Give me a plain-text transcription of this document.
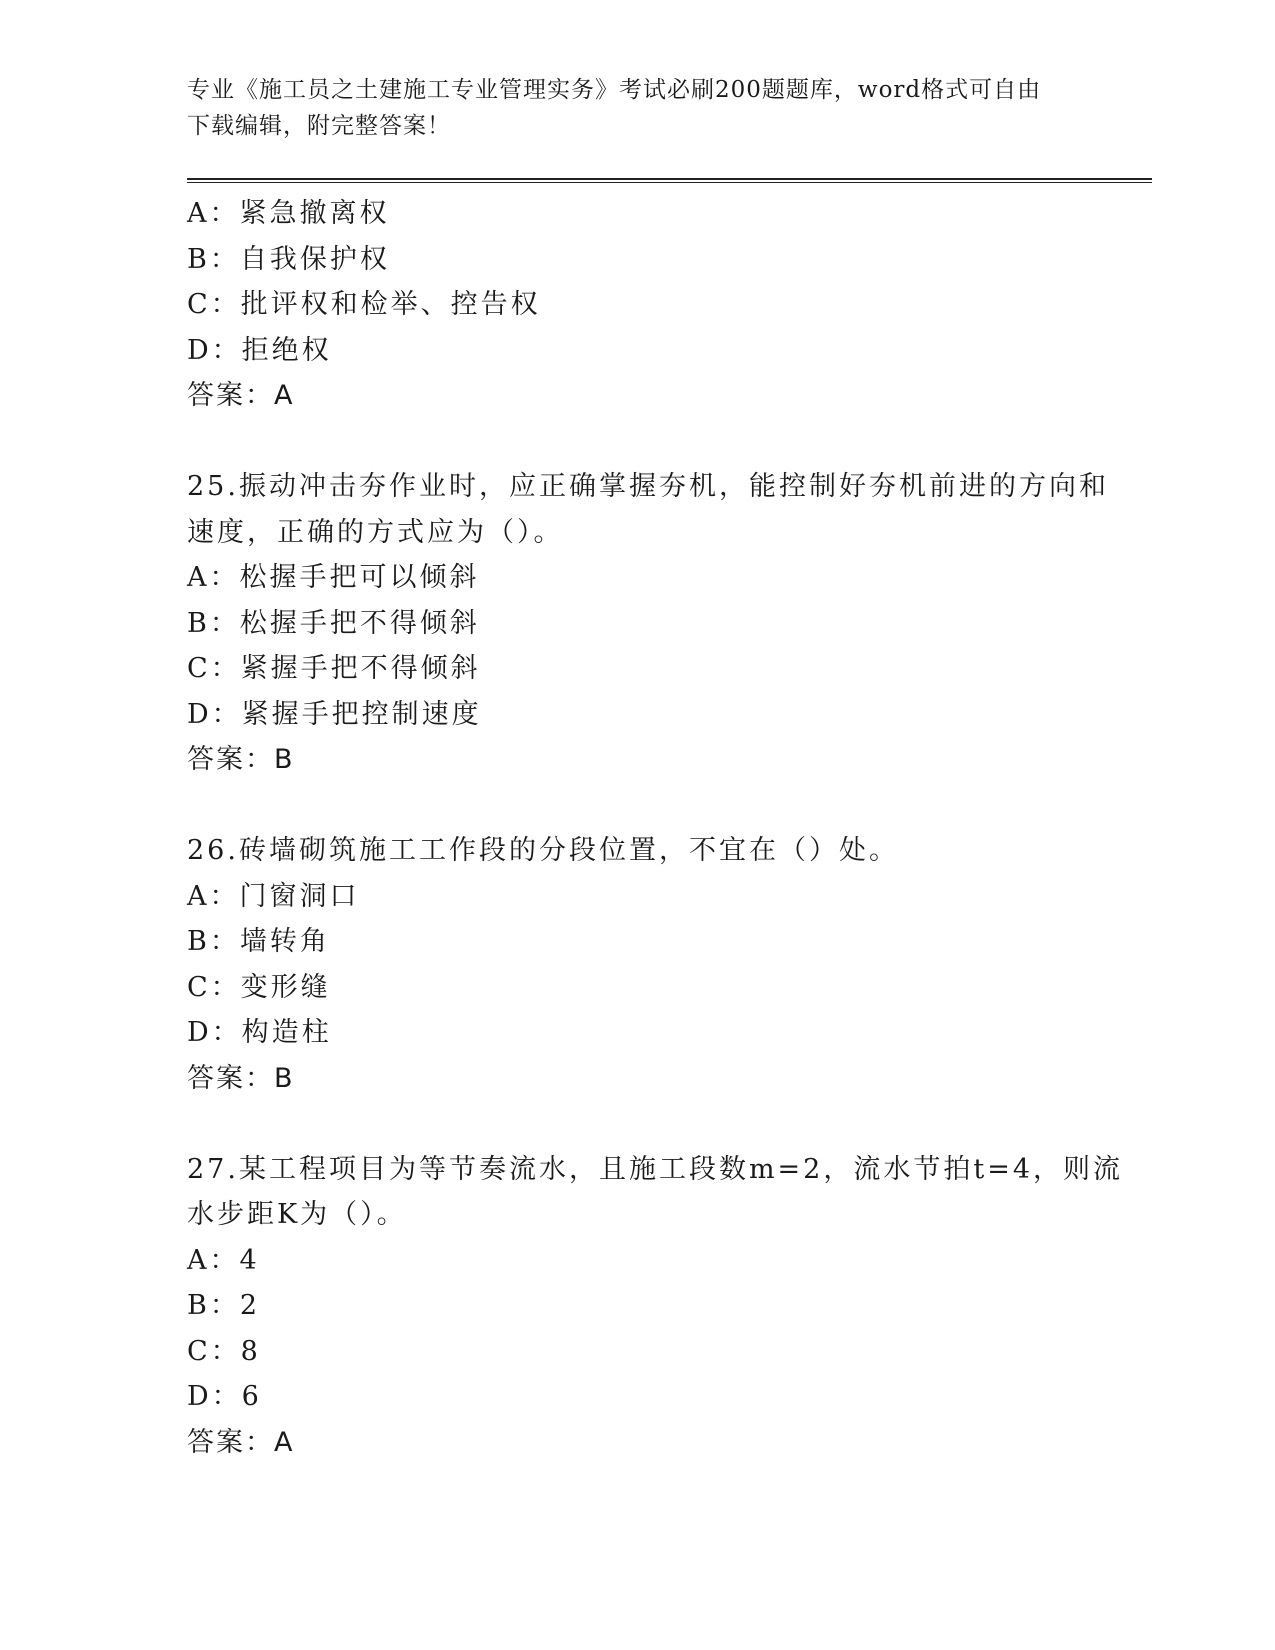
专业《施工员之土建施工专业管理实务》考试必刷200题题库，word格式可自由
下载编辑，附完整答案！
A：紧急撤离权
B：自我保护权
C：批评权和检举、控告权
D：拒绝权
答案：A
25.振动冲击夯作业时，应正确掌握夯机，能控制好夯机前进的方向和
速度，正确的方式应为（）。
A：松握手把可以倾斜
B：松握手把不得倾斜
C：紧握手把不得倾斜
D：紧握手把控制速度
答案：B
26.砖墙砌筑施工工作段的分段位置，不宜在（）处。
A：门窗洞口
B：墙转角
C：变形缝
D：构造柱
答案：B
27.某工程项目为等节奏流水，且施工段数m=2，流水节拍t=4，则流
水步距K为（）。
A：4
B：2
C：8
D：6
答案：A
